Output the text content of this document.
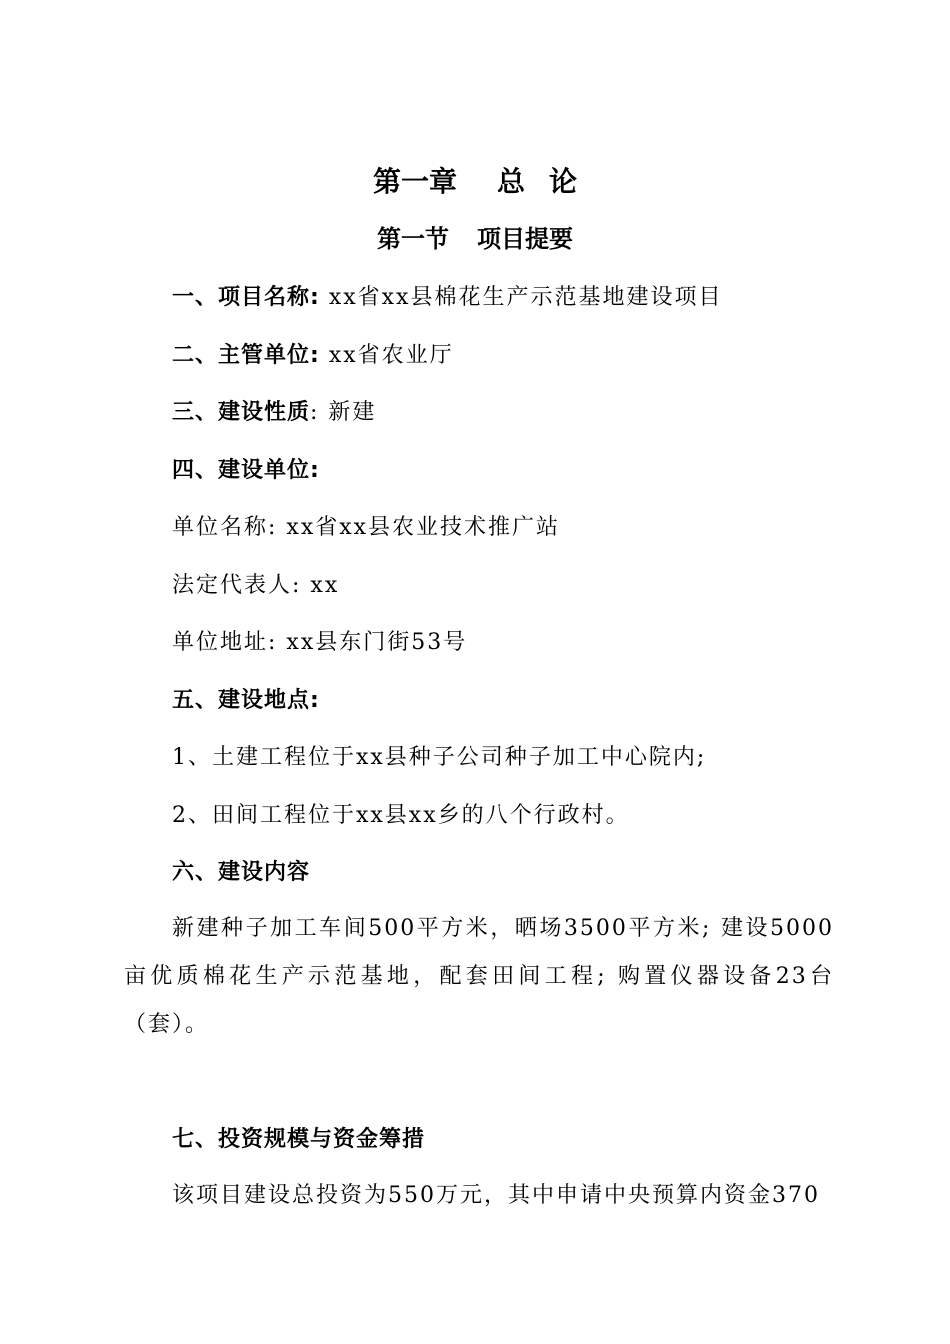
第一章 总 论
第一节 项目提要
一、项目名称: xx省xx县棉花生产示范基地建设项目
二、主管单位: xx省农业厅
三、建设性质: 新建
四、建设单位:
单位名称: xx省xx县农业技术推广站
法定代表人: xx
单位地址: xx县东门街53号
五、建设地点:
1、土建工程位于xx县种子公司种子加工中心院内;
2、田间工程位于xx县xx乡的八个行政村。
六、建设内容
新建种子加工车间500平方米，晒场3500平方米; 建设5000亩优质棉花生产示范基地，配套田间工程; 购置仪器设备23台（套）。
七、投资规模与资金筹措
该项目建设总投资为550万元，其中申请中央预算内资金370
